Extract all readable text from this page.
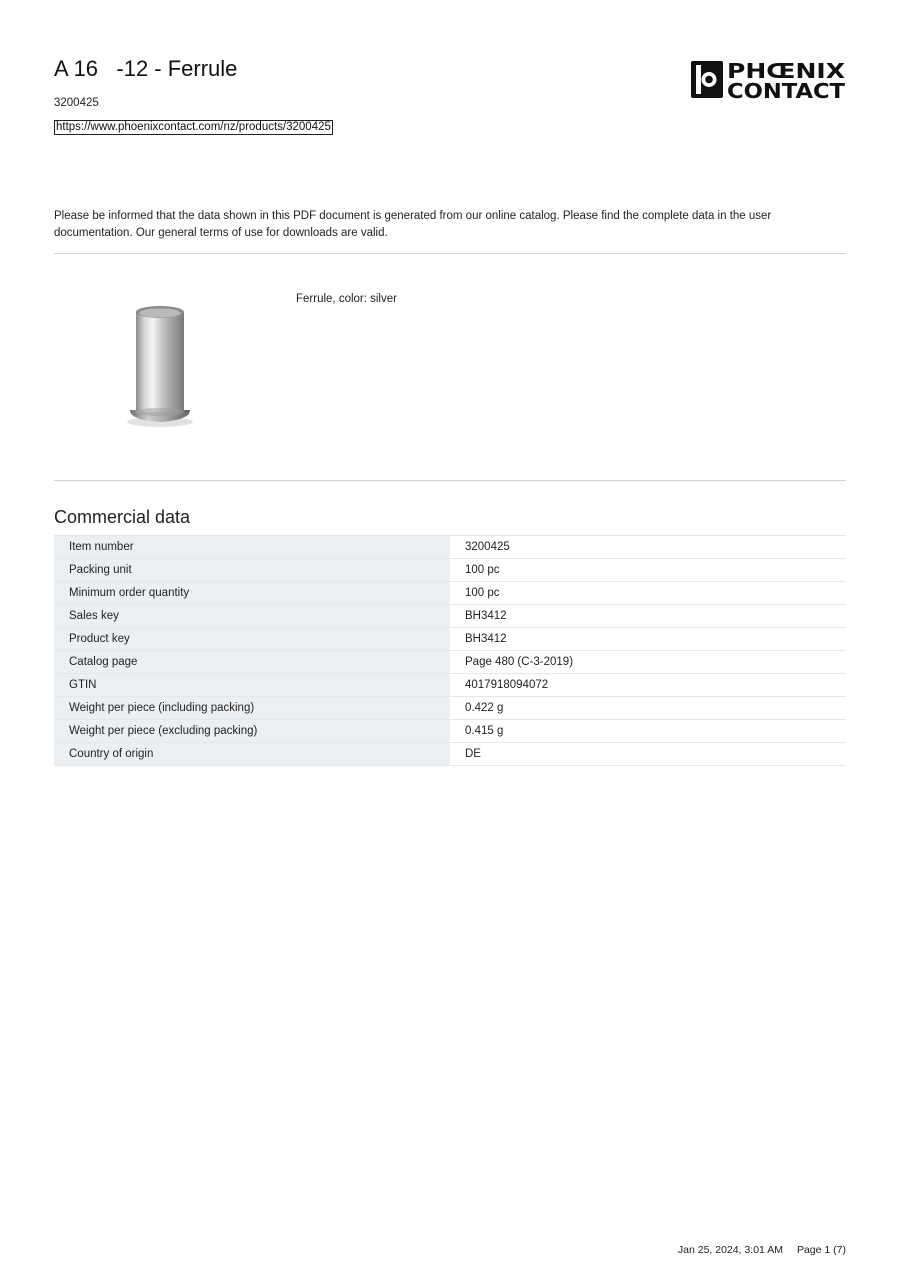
A 16   -12 - Ferrule
3200425
https://www.phoenixcontact.com/nz/products/3200425
PHŒNIX
CONTACT
Please be informed that the data shown in this PDF document is generated from our online catalog. Please find the complete data in the user documentation. Our general terms of use for downloads are valid.
Ferrule, color: silver
Commercial data
Item number	3200425
Packing unit	100 pc
Minimum order quantity	100 pc
Sales key	BH3412
Product key	BH3412
Catalog page	Page 480 (C-3-2019)
GTIN	4017918094072
Weight per piece (including packing)	0.422 g
Weight per piece (excluding packing)	0.415 g
Country of origin	DE
Jan 25, 2024, 3:01 AM Page 1 (7)
